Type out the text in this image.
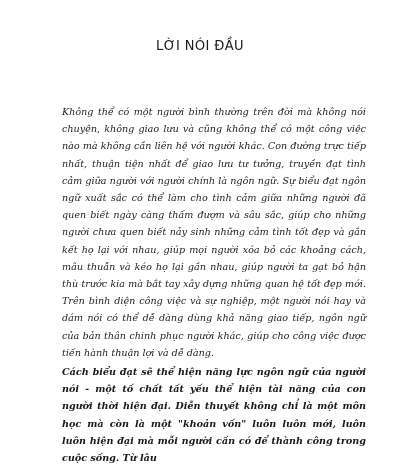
LỜI NÓI ĐẦU

Không thể có một người bình thường trên đời mà không nói chuyện, không giao lưu và cũng không thể có một công việc nào mà không cần liên hệ với người khác. Con đường trực tiếp nhất, thuận tiện nhất để giao lưu tư tưởng, truyền đạt tình cảm giữa người với người chính là ngôn ngữ. Sự biểu đạt ngôn ngữ xuất sắc có thể làm cho tình cảm giữa những người đã quen biết ngày càng thấm đượm và sâu sắc, giúp cho những người chưa quen biết nảy sinh những cảm tình tốt đẹp và gắn kết họ lại với nhau, giúp mọi người xóa bỏ các khoảng cách, mâu thuẫn và kéo họ lại gần nhau, giúp người ta gạt bỏ hận thù trước kia mà bắt tay xây dựng những quan hệ tốt đẹp mới. Trên bình diện công việc và sự nghiệp, một người nói hay và dám nói có thể dễ dàng dùng khả năng giao tiếp, ngôn ngữ của bản thân chinh phục người khác, giúp cho công việc được tiến hành thuận lợi và dễ dàng.

Cách biểu đạt sẽ thể hiện năng lực ngôn ngữ của người nói - một tố chất tất yếu thể hiện tài năng của con người thời hiện đại. Diễn thuyết không chỉ là một môn học mà còn là một "khoản vốn" luôn luôn mới, luôn luôn hiện đại mà mỗi người cần có để thành công trong cuộc sống. Từ lâu
